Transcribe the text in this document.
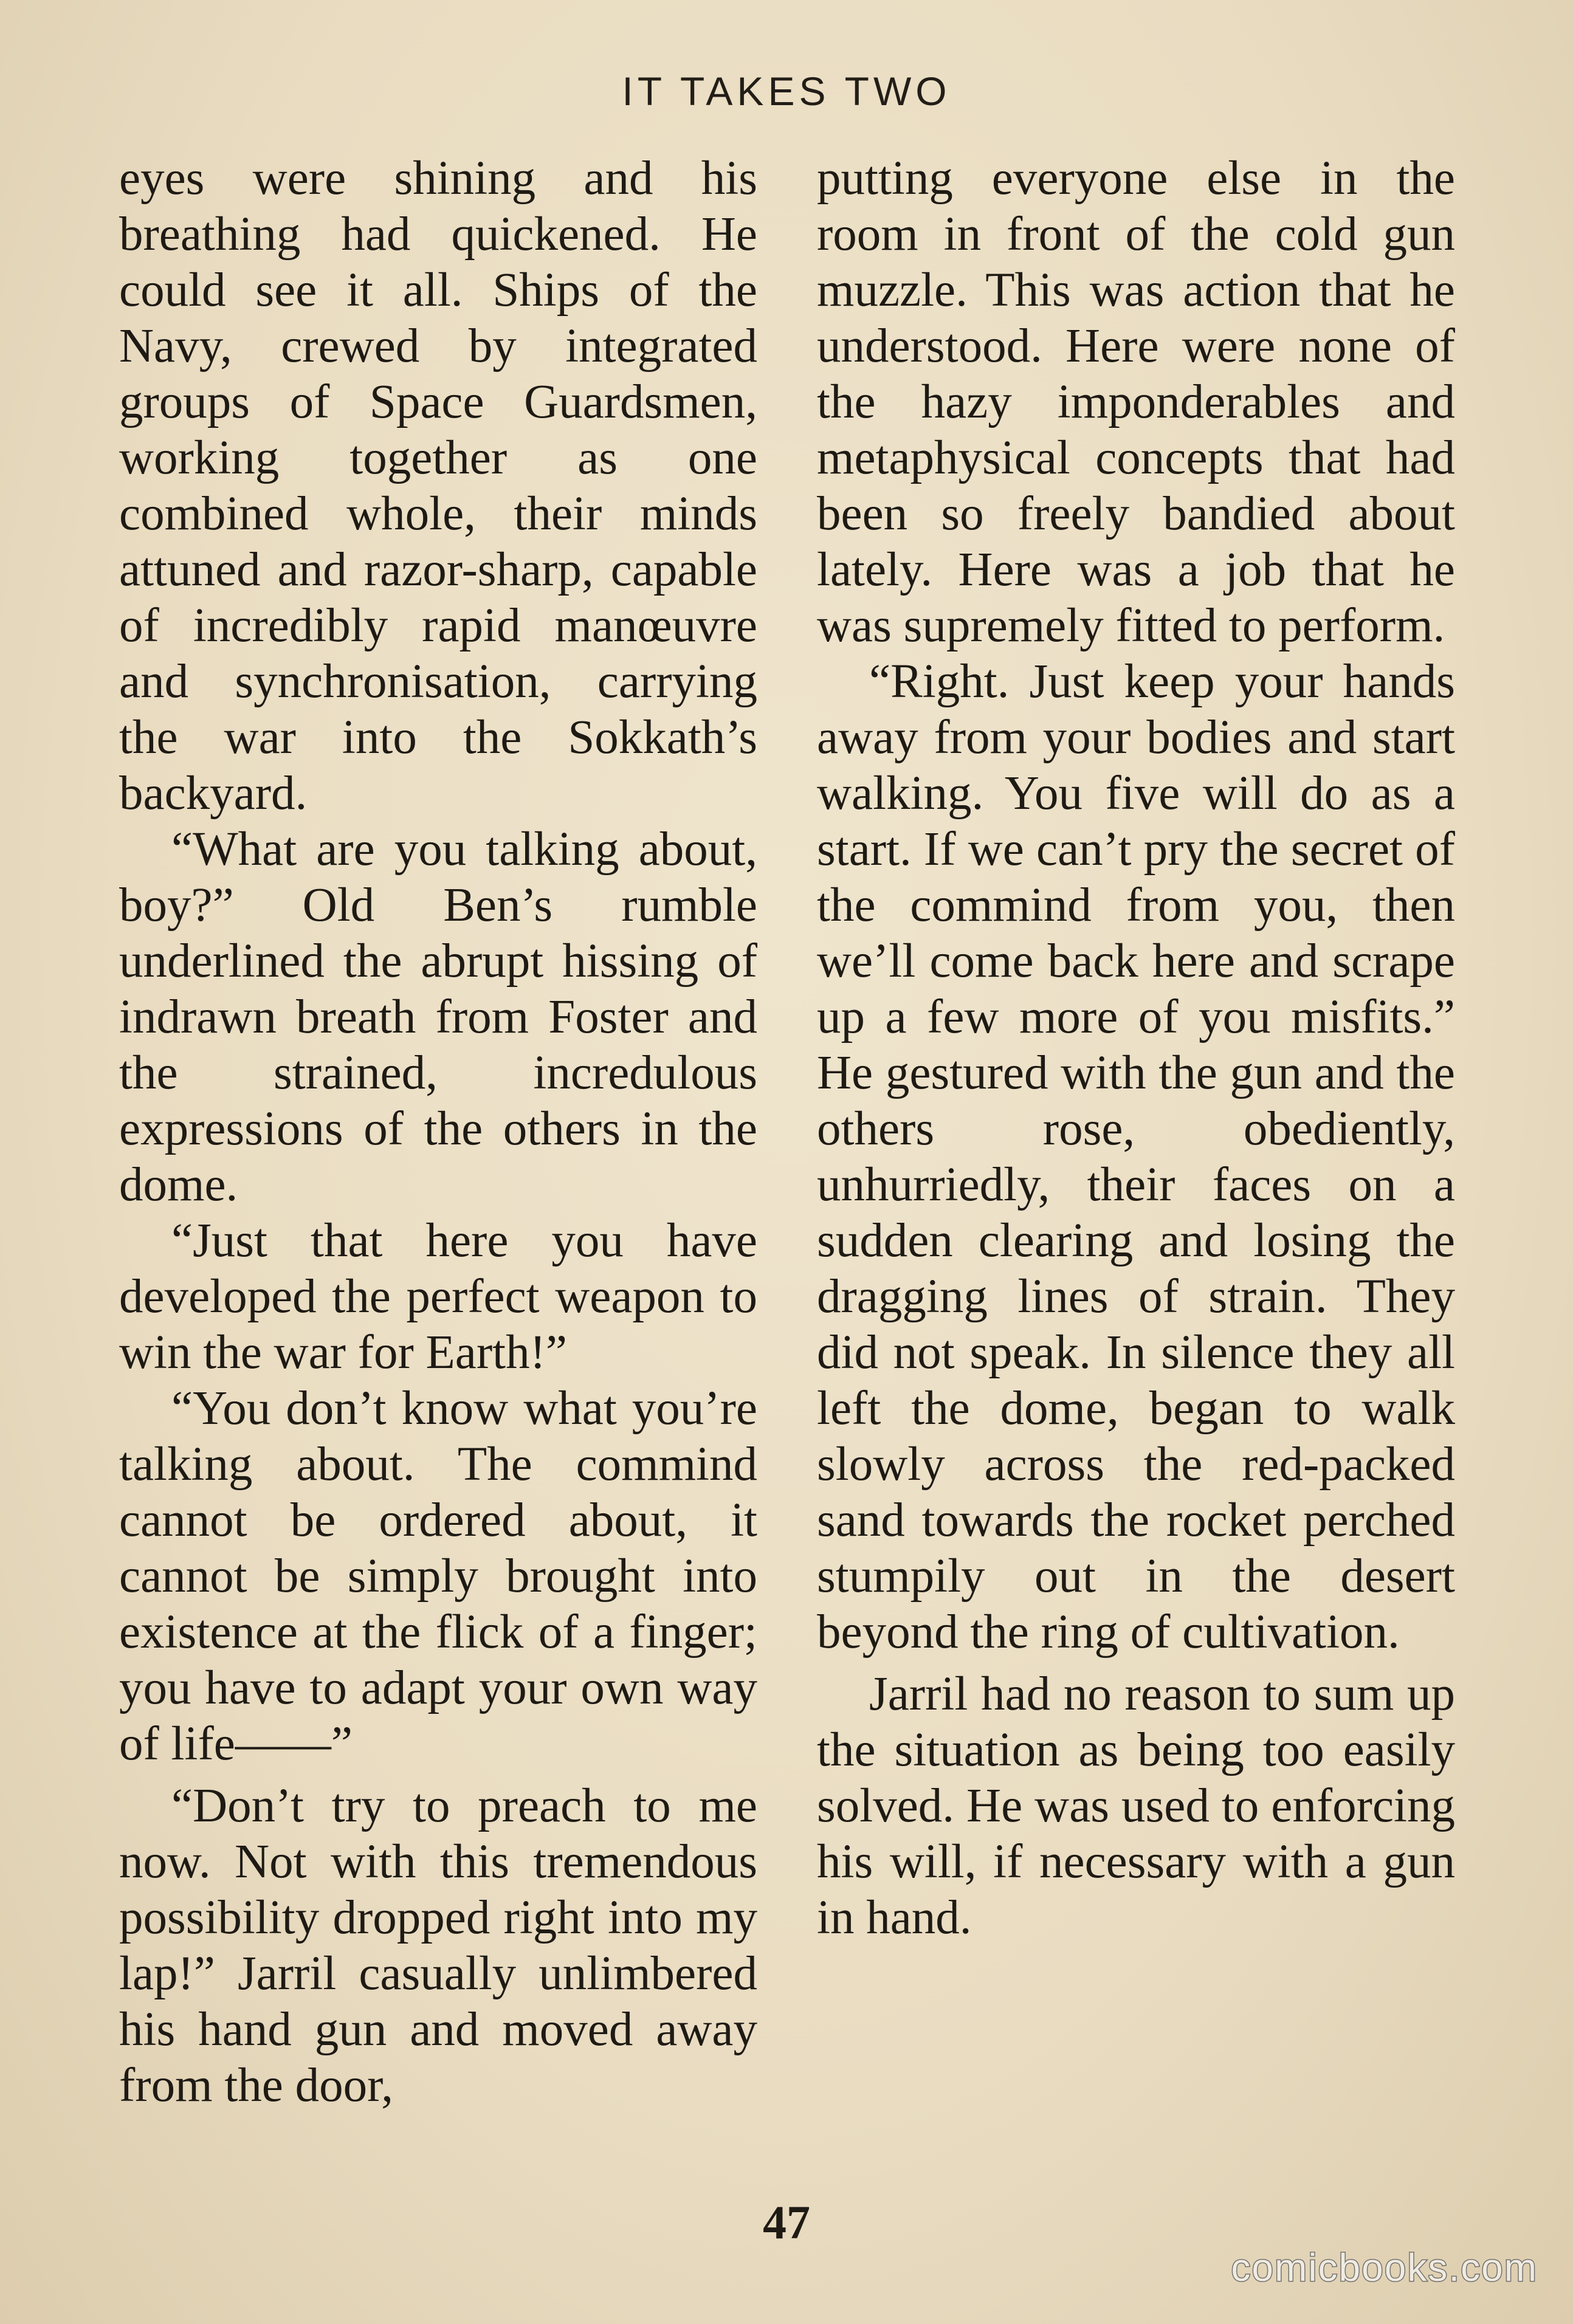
IT TAKES TWO

eyes were shining and his breathing had quickened. He could see it all. Ships of the Navy, crewed by integrated groups of Space Guardsmen, working together as one combined whole, their minds attuned and razor-sharp, capable of incredibly rapid manœuvre and synchronisation, carrying the war into the Sokkath’s backyard.

“What are you talking about, boy?” Old Ben’s rumble underlined the abrupt hissing of indrawn breath from Foster and the strained, incredulous expressions of the others in the dome.

“Just that here you have developed the perfect weapon to win the war for Earth!”

“You don’t know what you’re talking about. The commind cannot be ordered about, it cannot be simply brought into existence at the flick of a finger; you have to adapt your own way of life——”

“Don’t try to preach to me now. Not with this tremendous possibility dropped right into my lap!” Jarril casually unlimbered his hand gun and moved away from the door,

putting everyone else in the room in front of the cold gun muzzle. This was action that he understood. Here were none of the hazy imponderables and metaphysical concepts that had been so freely bandied about lately. Here was a job that he was supremely fitted to perform.

“Right. Just keep your hands away from your bodies and start walking. You five will do as a start. If we can’t pry the secret of the commind from you, then we’ll come back here and scrape up a few more of you misfits.” He gestured with the gun and the others rose, obediently, unhurriedly, their faces on a sudden clearing and losing the dragging lines of strain. They did not speak. In silence they all left the dome, began to walk slowly across the red-packed sand towards the rocket perched stumpily out in the desert beyond the ring of cultivation.

Jarril had no reason to sum up the situation as being too easily solved. He was used to enforcing his will, if necessary with a gun in hand.

47
comicbooks.com
